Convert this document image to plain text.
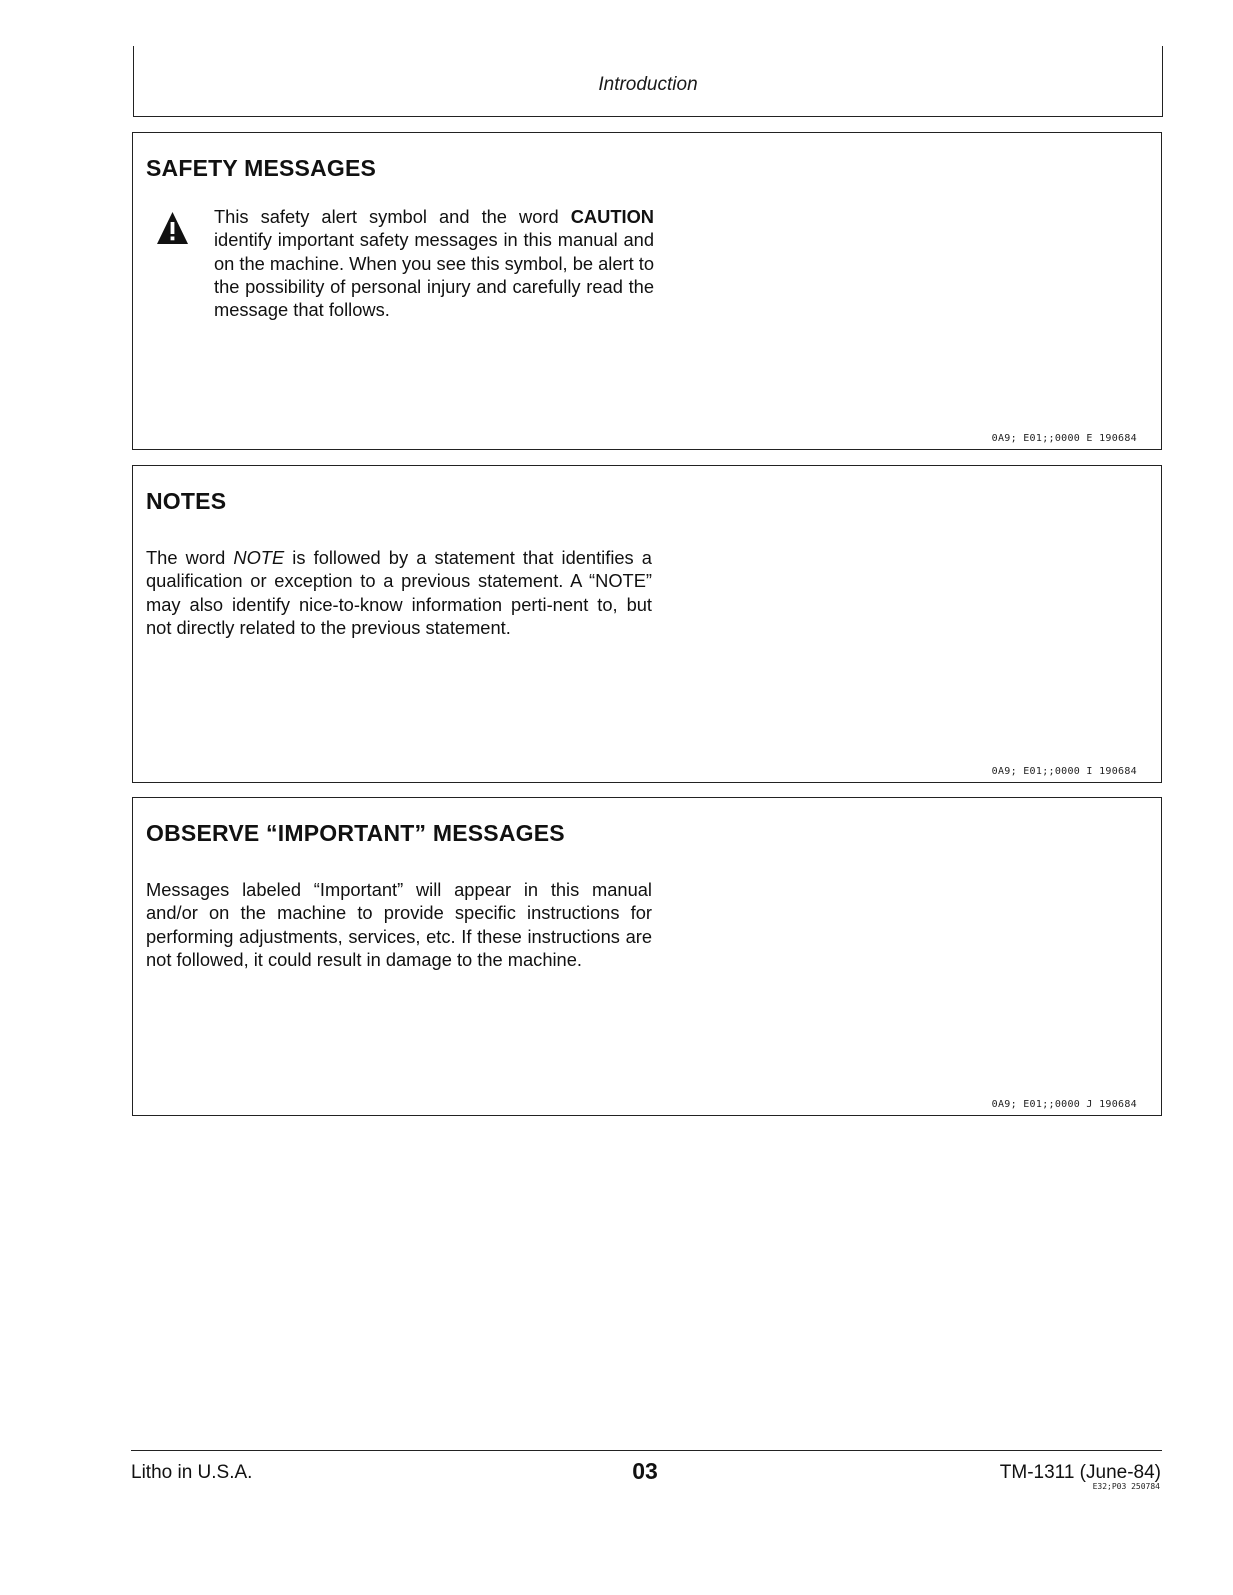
Introduction
SAFETY MESSAGES

This safety alert symbol and the word CAUTION identify important safety messages in this manual and on the machine. When you see this symbol, be alert to the possibility of personal injury and carefully read the message that follows.

0A9; E01;;0000 E 190684
NOTES

The word NOTE is followed by a statement that identifies a qualification or exception to a previous statement. A “NOTE” may also identify nice-to-know information perti-nent to, but not directly related to the previous statement.

0A9; E01;;0000 I 190684
OBSERVE “IMPORTANT” MESSAGES

Messages labeled “Important” will appear in this manual and/or on the machine to provide specific instructions for performing adjustments, services, etc. If these instructions are not followed, it could result in damage to the machine.

0A9; E01;;0000 J 190684
Litho in U.S.A.	03	TM-1311 (June-84)
E32;P03 250784
